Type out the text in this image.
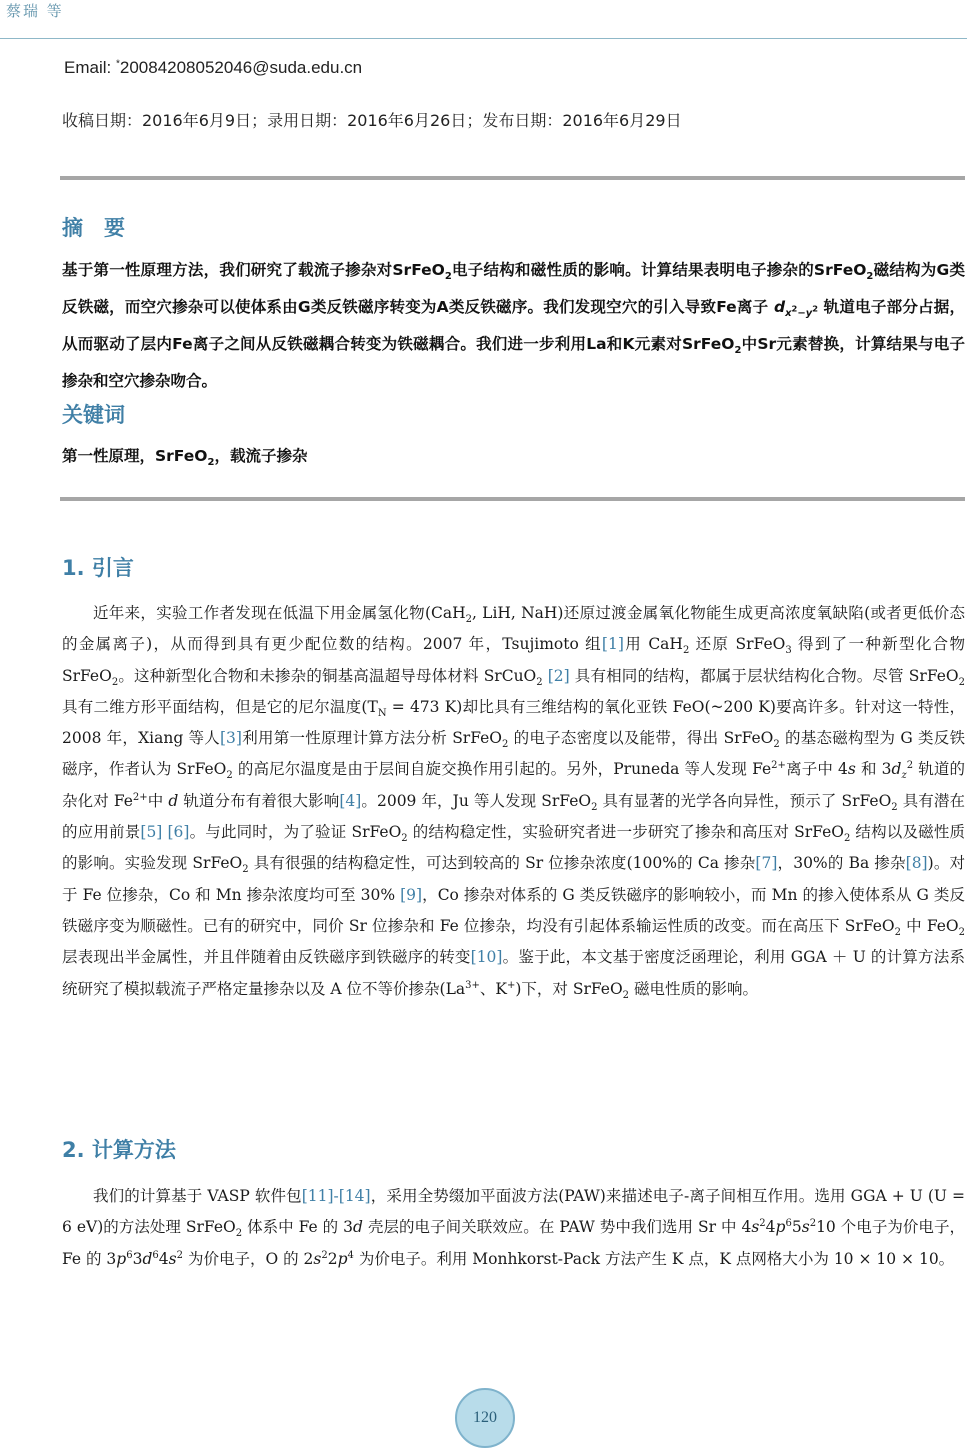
蔡瑞 等
Email: *20084208052046@suda.edu.cn
收稿日期：2016年6月9日；录用日期：2016年6月26日；发布日期：2016年6月29日
摘　要
基于第一性原理方法，我们研究了载流子掺杂对SrFeO$_2$电子结构和磁性质的影响。计算结果表明电子掺杂的SrFeO$_2$磁结构为G类反铁磁，而空穴掺杂可以使体系由G类反铁磁序转变为A类反铁磁序。我们发现空穴的引入导致Fe离子 $d_{x^2-y^2}$ 轨道电子部分占据，从而驱动了层内Fe离子之间从反铁磁耦合转变为铁磁耦合。我们进一步利用La和K元素对SrFeO$_2$中Sr元素替换，计算结果与电子掺杂和空穴掺杂吻合。
关键词
第一性原理，SrFeO$_2$，载流子掺杂
1. 引言
近年来，实验工作者发现在低温下用金属氢化物(CaH$_2$, LiH, NaH)还原过渡金属氧化物能生成更高浓度氧缺陷(或者更低价态的金属离子)，从而得到具有更少配位数的结构。2007 年，Tsujimoto 组[1]用 CaH$_2$ 还原 SrFeO$_3$ 得到了一种新型化合物 SrFeO$_2$。这种新型化合物和未掺杂的铜基高温超导母体材料 SrCuO$_2$ [2] 具有相同的结构，都属于层状结构化合物。尽管 SrFeO$_2$ 具有二维方形平面结构，但是它的尼尔温度($T_N = 473$ K)却比具有三维结构的氧化亚铁 FeO(~200 K)要高许多。针对这一特性，2008 年，Xiang 等人[3]利用第一性原理计算方法分析 SrFeO$_2$ 的电子态密度以及能带，得出 SrFeO$_2$ 的基态磁构型为 G 类反铁磁序，作者认为 SrFeO$_2$ 的高尼尔温度是由于层间自旋交换作用引起的。另外，Pruneda 等人发现 $Fe^{2+}$离子中 4s 和 $3d_z^2$ 轨道的杂化对 $Fe^{2+}$中 d 轨道分布有着很大影响[4]。2009 年，Ju 等人发现 SrFeO$_2$ 具有显著的光学各向异性，预示了 SrFeO$_2$ 具有潜在的应用前景[5] [6]。与此同时，为了验证 SrFeO$_2$ 的结构稳定性，实验研究者进一步研究了掺杂和高压对 SrFeO$_2$ 结构以及磁性质的影响。实验发现 SrFeO$_2$ 具有很强的结构稳定性，可达到较高的 Sr 位掺杂浓度(100%的 Ca 掺杂[7]，30%的 Ba 掺杂[8])。对于 Fe 位掺杂，Co 和 Mn 掺杂浓度均可至 30% [9]，Co 掺杂对体系的 G 类反铁磁序的影响较小，而 Mn 的掺入使体系从 G 类反铁磁序变为顺磁性。已有的研究中，同价 Sr 位掺杂和 Fe 位掺杂，均没有引起体系输运性质的改变。而在高压下 SrFeO$_2$ 中 FeO$_2$ 层表现出半金属性，并且伴随着由反铁磁序到铁磁序的转变[10]。鉴于此，本文基于密度泛函理论，利用 GGA ＋ U 的计算方法系统研究了模拟载流子严格定量掺杂以及 A 位不等价掺杂($La^{3+}$、K+)下，对 SrFeO$_2$ 磁电性质的影响。
2. 计算方法
我们的计算基于 VASP 软件包[11]-[14]，采用全势缀加平面波方法(PAW)来描述电子-离子间相互作用。选用 GGA + U (U = 6 eV)的方法处理 SrFeO$_2$ 体系中 Fe 的 3d 壳层的电子间关联效应。在 PAW 势中我们选用 Sr 中 $4s^24p^65s^210$ 个电子为价电子，Fe 的 $3p^63d^64s^2$ 为价电子，O 的 $2s^22p^4$ 为价电子。利用 Monhkorst-Pack 方法产生 K 点，K 点网格大小为 10 × 10 × 10。
120
